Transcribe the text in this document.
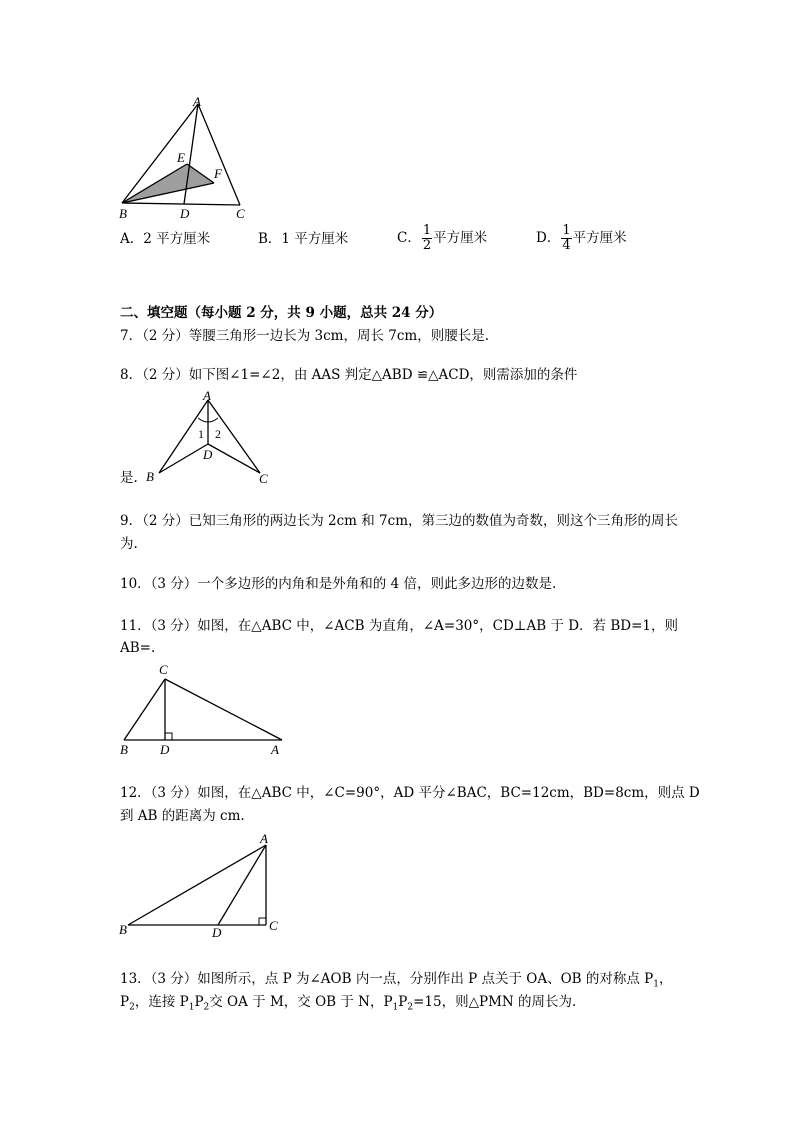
A
E
F
B	D	C
A．2 平方厘米	B．1 平方厘米	C． $\frac{1}{2}$ 平方厘米	D． $\frac{1}{4}$ 平方厘米
二、填空题（每小题 2 分，共 9 小题，总共 24 分）
7．（2 分）等腰三角形一边长为 3cm，周长 7cm，则腰长是.
8．（2 分）如下图∠1=∠2，由 AAS 判定△ABD ≌△ACD，则需添加的条件
A
1 2
D
B	C
是.
9．（2 分）已知三角形的两边长为 2cm 和 7cm，第三边的数值为奇数，则这个三角形的周长
为.
10．（3 分）一个多边形的内角和是外角和的 4 倍，则此多边形的边数是.
11．（3 分）如图，在△ABC 中，∠ACB 为直角，∠A=30°，CD⊥AB 于 D．若 BD=1，则
AB=.
C
B D	A
12．（3 分）如图，在△ABC 中，∠C=90°，AD 平分∠BAC，BC=12cm，BD=8cm，则点 D
到 AB 的距离为 cm.
A
B	D	C
13．（3 分）如图所示，点 P 为∠AOB 内一点，分别作出 P 点关于 OA、OB 的对称点 $P_1$，
$P_2$，连接 $P_1P_2$交 OA 于 M，交 OB 于 N，$P_1P_2=15$，则△PMN 的周长为.
